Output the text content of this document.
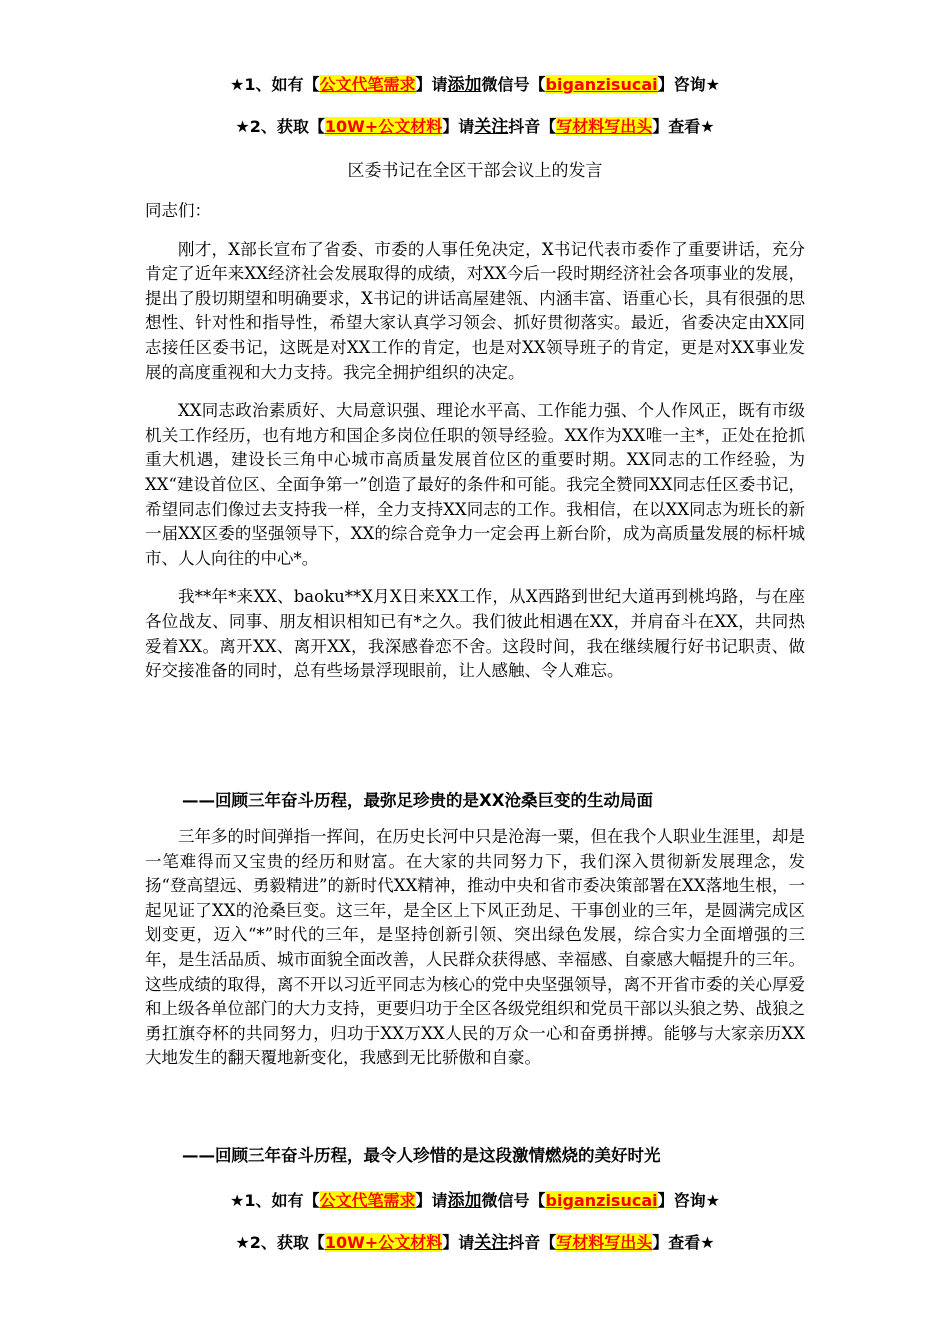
★1、如有【公文代笔需求】请添加微信号【biganzisucai】咨询★
★2、获取【10W+公文材料】请关注抖音【写材料写出头】查看★
区委书记在全区干部会议上的发言

同志们：

刚才，X部长宣布了省委、市委的人事任免决定，X书记代表市委作了重要讲话，充分肯定了近年来XX经济社会发展取得的成绩，对XX今后一段时期经济社会各项事业的发展，提出了殷切期望和明确要求，X书记的讲话高屋建瓴、内涵丰富、语重心长，具有很强的思想性、针对性和指导性，希望大家认真学习领会、抓好贯彻落实。最近，省委决定由XX同志接任区委书记，这既是对XX工作的肯定，也是对XX领导班子的肯定，更是对XX事业发展的高度重视和大力支持。我完全拥护组织的决定。

XX同志政治素质好、大局意识强、理论水平高、工作能力强、个人作风正，既有市级机关工作经历，也有地方和国企多岗位任职的领导经验。XX作为XX唯一主*，正处在抢抓重大机遇，建设长三角中心城市高质量发展首位区的重要时期。XX同志的工作经验，为XX“建设首位区、全面争第一”创造了最好的条件和可能。我完全赞同XX同志任区委书记，希望同志们像过去支持我一样，全力支持XX同志的工作。我相信，在以XX同志为班长的新一届XX区委的坚强领导下，XX的综合竞争力一定会再上新台阶，成为高质量发展的标杆城市、人人向往的中心*。

我**年*来XX、baoku**X月X日来XX工作，从X西路到世纪大道再到桃坞路，与在座各位战友、同事、朋友相识相知已有*之久。我们彼此相遇在XX，并肩奋斗在XX，共同热爱着XX。离开XX、离开XX，我深感眷恋不舍。这段时间，我在继续履行好书记职责、做好交接准备的同时，总有些场景浮现眼前，让人感触、令人难忘。

——回顾三年奋斗历程，最弥足珍贵的是XX沧桑巨变的生动局面

三年多的时间弹指一挥间，在历史长河中只是沧海一粟，但在我个人职业生涯里，却是一笔难得而又宝贵的经历和财富。在大家的共同努力下，我们深入贯彻新发展理念，发扬“登高望远、勇毅精进”的新时代XX精神，推动中央和省市委决策部署在XX落地生根，一起见证了XX的沧桑巨变。这三年，是全区上下风正劲足、干事创业的三年，是圆满完成区划变更，迈入“*”时代的三年，是坚持创新引领、突出绿色发展，综合实力全面增强的三年，是生活品质、城市面貌全面改善，人民群众获得感、幸福感、自豪感大幅提升的三年。这些成绩的取得，离不开以习近平同志为核心的党中央坚强领导，离不开省市委的关心厚爱和上级各单位部门的大力支持，更要归功于全区各级党组织和党员干部以头狼之势、战狼之勇扛旗夺杯的共同努力，归功于XX万XX人民的万众一心和奋勇拼搏。能够与大家亲历XX大地发生的翻天覆地新变化，我感到无比骄傲和自豪。

——回顾三年奋斗历程，最令人珍惜的是这段激情燃烧的美好时光
★1、如有【公文代笔需求】请添加微信号【biganzisucai】咨询★
★2、获取【10W+公文材料】请关注抖音【写材料写出头】查看★
